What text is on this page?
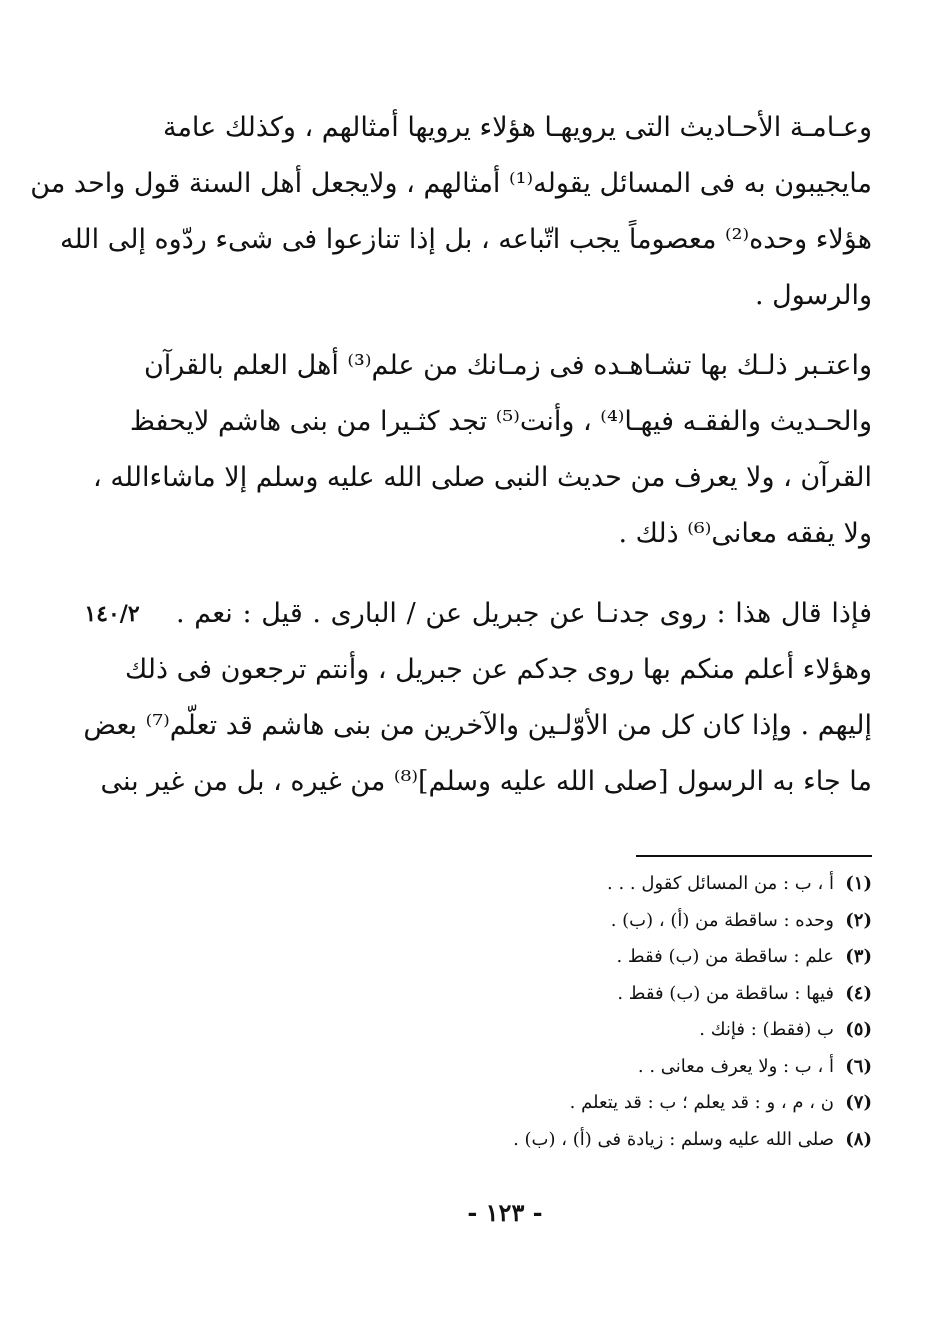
وعـامـة الأحـاديث التى يرويهـا هؤلاء يرويها أمثالهم ، وكذلك عامة
مايجيبون به فى المسائل يقوله⁽¹⁾ أمثالهم ، ولايجعل أهل السنة قول واحد من
هؤلاء وحده⁽²⁾ معصوماً يجب اتّباعه ، بل إذا تنازعوا فى شىء ردّوه إلى الله
والرسول .
واعتـبر ذلـك بها تشـاهـده فى زمـانك من علم⁽³⁾ أهل العلم بالقرآن
والحـديث والفقـه فيهـا⁽⁴⁾ ، وأنت⁽⁵⁾ تجد كثـيرا من بنى هاشم لايحفظ
القرآن ، ولا يعرف من حديث النبى صلى الله عليه وسلم إلا ماشاءالله ،
ولا يفقه معانى⁽⁶⁾ ذلك .
١٤٠/٢	فإذا قال هذا : روى جدنـا عن جبريل عن / البارى . قيل : نعم .
وهؤلاء أعلم منكم بها روى جدكم عن جبريل ، وأنتم ترجعون فى ذلك
إليهم . وإذا كان كل من الأوّلـين والآخرين من بنى هاشم قد تعلّم⁽⁷⁾ بعض
ما جاء به الرسول [صلى الله عليه وسلم]⁽⁸⁾ من غيره ، بل من غير بنى
(١)
أ ، ب : من المسائل كقول . . .
(٢)
وحده : ساقطة من (أ) ، (ب) .
(٣)
علم : ساقطة من (ب) فقط .
(٤)
فيها : ساقطة من (ب) فقط .
(٥)
ب (فقط) : فإنك .
(٦)
أ ، ب : ولا يعرف معانى . .
(٧)
ن ، م ، و : قد يعلم ؛ ب : قد يتعلم .
(٨)
صلى الله عليه وسلم : زيادة فى (أ) ، (ب) .
- ١٢٣ -
